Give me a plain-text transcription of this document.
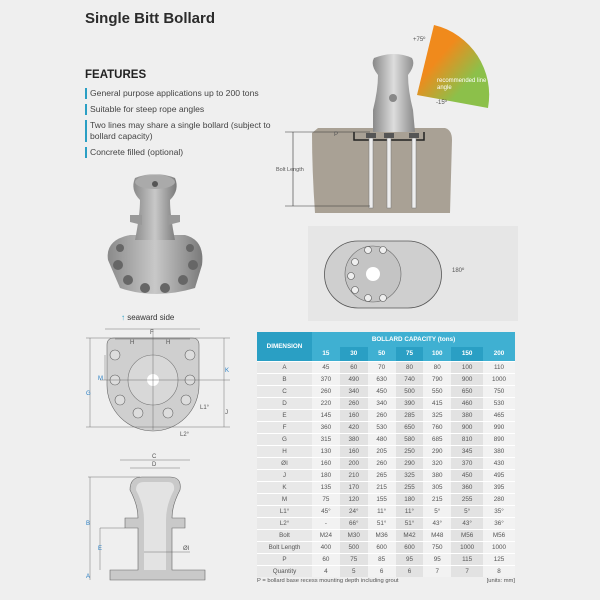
Single Bitt Bollard
FEATURES
General purpose applications up to 200 tons
Suitable for steep rope angles
Two lines may share a single bollard (subject to bollard capacity)
Concrete filled (optional)
+75º
-15º
recommended line angle
Bolt Length
P
180º
↑ seaward side
F
H	H
K
G
M
J
L1°
L2°
C
D
B
E	ØI
A
DIMENSION	BOLLARD CAPACITY (tons)						
	15	30	50	75	100	150	200
A	45	60	70	80	80	100	110
B	370	490	630	740	790	900	1000
C	260	340	450	500	550	650	750
D	220	260	340	390	415	460	530
E	145	160	260	285	325	380	465
F	360	420	530	650	760	900	990
G	315	380	480	580	685	810	890
H	130	160	205	250	290	345	380
ØI	160	200	260	290	320	370	430
J	180	210	265	325	380	450	495
K	135	170	215	255	305	360	395
M	75	120	155	180	215	255	280
L1°	45°	24°	11°	11°	5°	5°	35°
L2°	-	66°	51°	51°	43°	43°	36°
Bolt	M24	M30	M36	M42	M48	M56	M56
Bolt Length	400	500	600	600	750	1000	1000
P	60	75	85	95	95	115	125
Quantity	4	5	6	6	7	7	8
P = bollard base recess mounting depth including grout	[units: mm]
